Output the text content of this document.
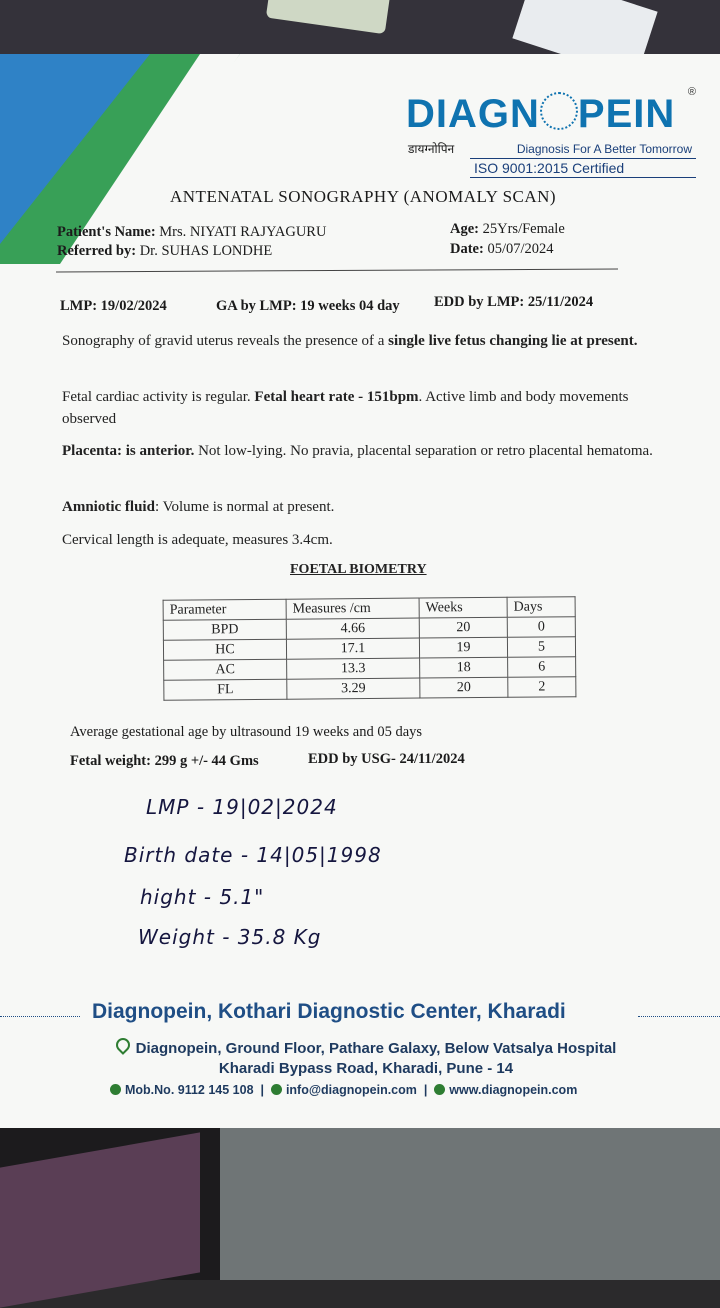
DIAGN PEIN	®
डायग्नोपिन	Diagnosis For A Better Tomorrow
ISO 9001:2015 Certified
ANTENATAL SONOGRAPHY (ANOMALY SCAN)
Patient's Name: Mrs. NIYATI RAJYAGURU
Referred by: Dr. SUHAS LONDHE
Age: 25Yrs/Female
Date: 05/07/2024
LMP: 19/02/2024	GA by LMP: 19 weeks 04 day EDD by LMP: 25/11/2024
Sonography of gravid uterus reveals the presence of a single live fetus changing lie at present.
Fetal cardiac activity is regular. Fetal heart rate - 151bpm. Active limb and body movements observed
Placenta: is anterior. Not low-lying. No pravia, placental separation or retro placental hematoma.
Amniotic fluid: Volume is normal at present.
Cervical length is adequate, measures 3.4cm.
FOETAL BIOMETRY
Parameter	Measures /cm	Weeks	Days
BPD	4.66	20	0
HC	17.1	19	5
AC	13.3	18	6
FL	3.29	20	2
Average gestational age by ultrasound 19 weeks and 05 days
Fetal weight: 299 g +/- 44 Gms	EDD by USG- 24/11/2024
LMP - 19|02|2024
Birth date - 14|05|1998
hight - 5.1"
Weight - 35.8 Kg
Diagnopein, Kothari Diagnostic Center, Kharadi
Diagnopein, Ground Floor, Pathare Galaxy, Below Vatsalya Hospital
Kharadi Bypass Road, Kharadi, Pune - 14
Mob.No. 9112 145 108 | info@diagnopein.com | www.diagnopein.com
